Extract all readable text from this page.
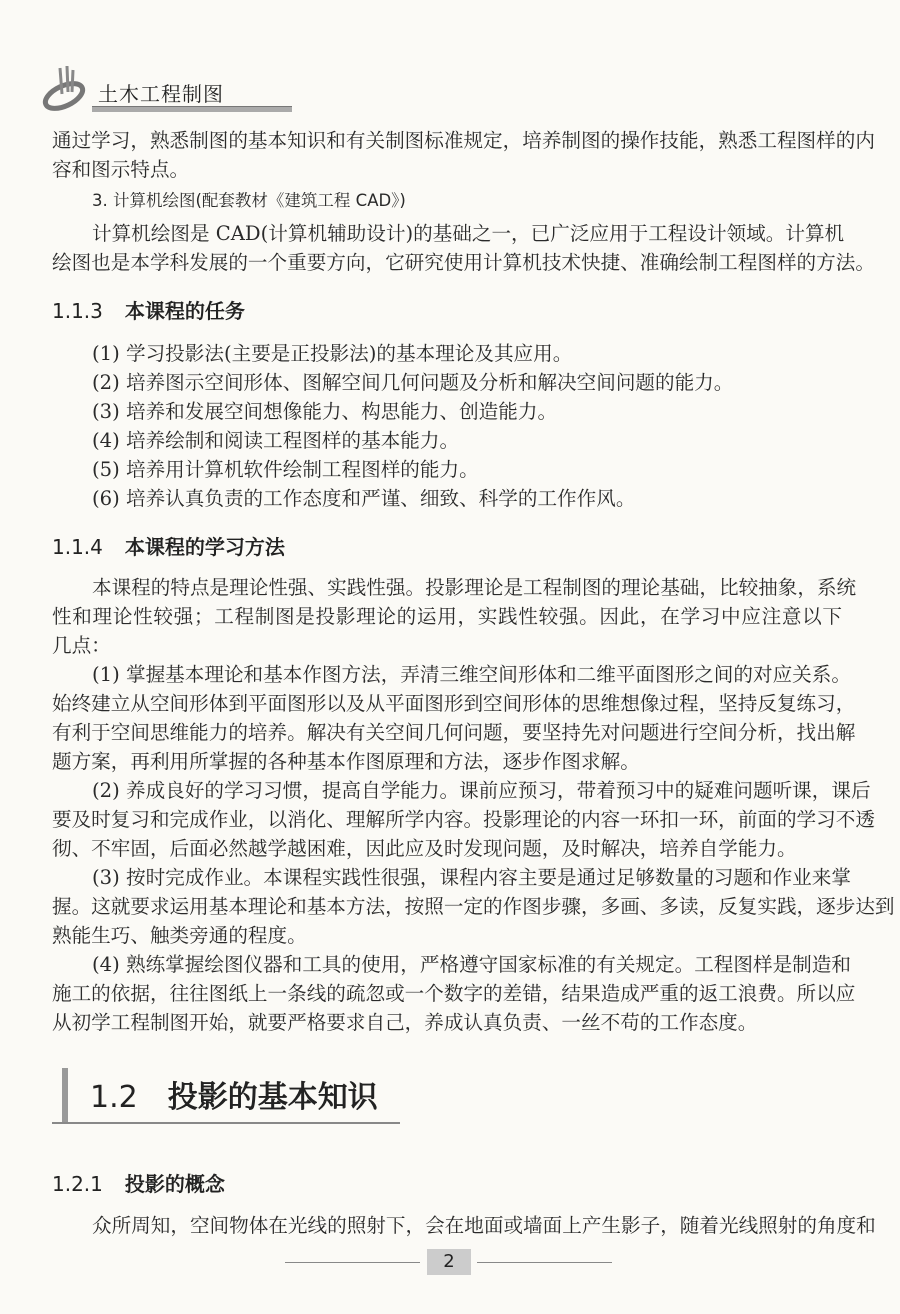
土木工程制图
通过学习，熟悉制图的基本知识和有关制图标准规定，培养制图的操作技能，熟悉工程图样的内
容和图示特点。
3. 计算机绘图(配套教材《建筑工程 CAD》)
计算机绘图是 CAD(计算机辅助设计)的基础之一，已广泛应用于工程设计领域。计算机
绘图也是本学科发展的一个重要方向，它研究使用计算机技术快捷、准确绘制工程图样的方法。
1.1.3 本课程的任务
(1) 学习投影法(主要是正投影法)的基本理论及其应用。
(2) 培养图示空间形体、图解空间几何问题及分析和解决空间问题的能力。
(3) 培养和发展空间想像能力、构思能力、创造能力。
(4) 培养绘制和阅读工程图样的基本能力。
(5) 培养用计算机软件绘制工程图样的能力。
(6) 培养认真负责的工作态度和严谨、细致、科学的工作作风。
1.1.4 本课程的学习方法
本课程的特点是理论性强、实践性强。投影理论是工程制图的理论基础，比较抽象，系统
性和理论性较强；工程制图是投影理论的运用，实践性较强。因此，在学习中应注意以下
几点：
(1) 掌握基本理论和基本作图方法，弄清三维空间形体和二维平面图形之间的对应关系。
始终建立从空间形体到平面图形以及从平面图形到空间形体的思维想像过程，坚持反复练习，
有利于空间思维能力的培养。解决有关空间几何问题，要坚持先对问题进行空间分析，找出解
题方案，再利用所掌握的各种基本作图原理和方法，逐步作图求解。
(2) 养成良好的学习习惯，提高自学能力。课前应预习，带着预习中的疑难问题听课，课后
要及时复习和完成作业，以消化、理解所学内容。投影理论的内容一环扣一环，前面的学习不透
彻、不牢固，后面必然越学越困难，因此应及时发现问题，及时解决，培养自学能力。
(3) 按时完成作业。本课程实践性很强，课程内容主要是通过足够数量的习题和作业来掌
握。这就要求运用基本理论和基本方法，按照一定的作图步骤，多画、多读，反复实践，逐步达到
熟能生巧、触类旁通的程度。
(4) 熟练掌握绘图仪器和工具的使用，严格遵守国家标准的有关规定。工程图样是制造和
施工的依据，往往图纸上一条线的疏忽或一个数字的差错，结果造成严重的返工浪费。所以应
从初学工程制图开始，就要严格要求自己，养成认真负责、一丝不苟的工作态度。
1.2 投影的基本知识
1.2.1 投影的概念
众所周知，空间物体在光线的照射下，会在地面或墙面上产生影子，随着光线照射的角度和
2
